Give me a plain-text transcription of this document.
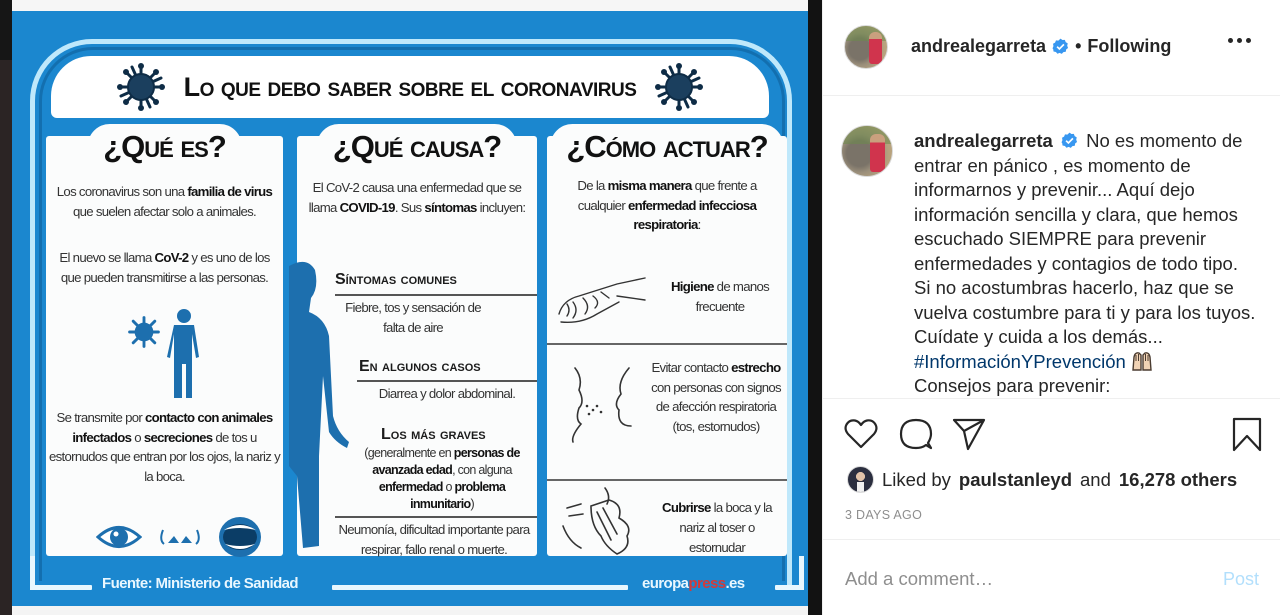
Lo que debo saber sobre el coronavirus
¿Qué es?
Los coronavirus son una familia de virus que suelen afectar solo a animales.
El nuevo se llama CoV-2 y es uno de los que pueden transmitirse a las personas.
Se transmite por contacto con animales infectados o secreciones de tos u estornudos que entran por los ojos, la nariz y la boca.
¿Qué causa?
El CoV-2 causa una enfermedad que se llama COVID-19. Sus síntomas incluyen:
Síntomas comunes
Fiebre, tos y sensación de falta de aire
En algunos casos
Diarrea y dolor abdominal.
Los más graves
(generalmente en personas de avanzada edad, con alguna enfermedad o problema inmunitario)
Neumonía, dificultad importante para respirar, fallo renal o muerte.
¿Cómo actuar?
De la misma manera que frente a cualquier enfermedad infecciosa respiratoria:
Higiene de manos frecuente
Evitar contacto estrecho con personas con signos de afección respiratoria (tos, estornudos)
Cubrirse la boca y la nariz al toser o estornudar
Fuente: Ministerio de Sanidad	europapress.es
andrealegarreta • Following
andrealegarreta No es momento de entrar en pánico , es momento de informarnos y prevenir... Aquí dejo información sencilla y clara, que hemos escuchado SIEMPRE para prevenir enfermedades y contagios de todo tipo. Si no acostumbras hacerlo, haz que se vuelva costumbre para ti y para los tuyos. Cuídate y cuida a los demás... #InformaciónYPrevención
Consejos para prevenir:
Liked by paulstanleyd and 16,278 others
3 DAYS AGO
Add a comment…
Post
